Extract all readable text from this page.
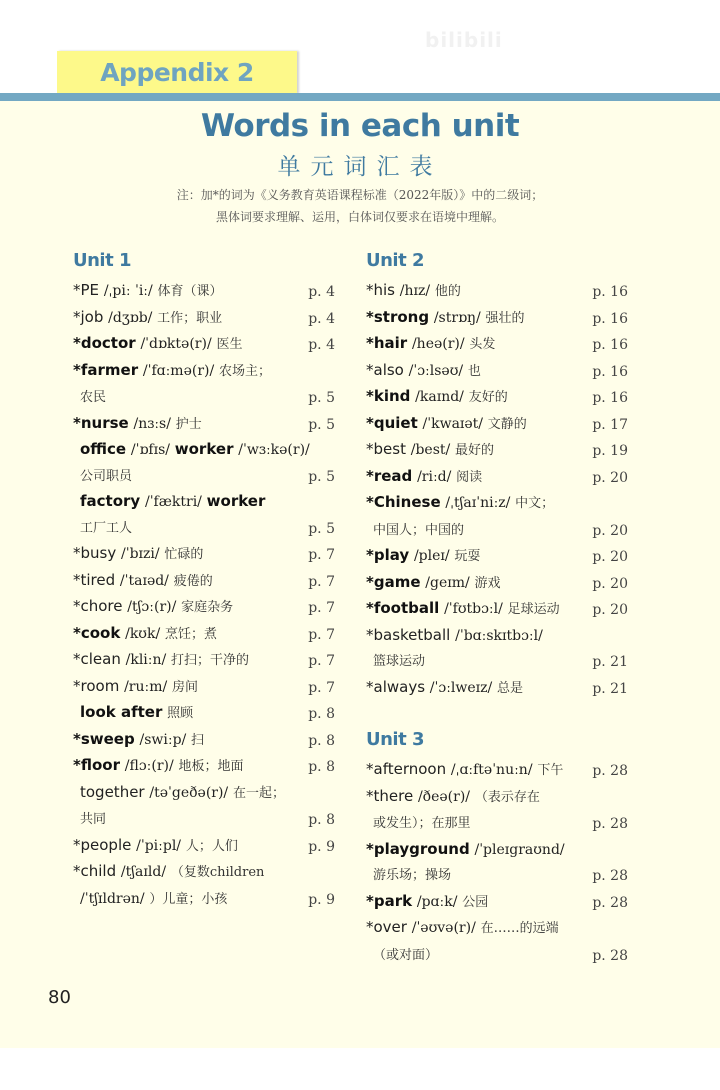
bilibili
Appendix 2
Words in each unit
单元词汇表
注：加*的词为《义务教育英语课程标准（2022年版）》中的二级词；
黑体词要求理解、运用，白体词仅要求在语境中理解。
Unit 1
*PE /ˌpiː ˈiː/ 体育（课）	p. 4
*job /dʒɒb/ 工作；职业	p. 4
*doctor /ˈdɒktə(r)/ 医生	p. 4
*farmer /ˈfɑːmə(r)/ 农场主；
农民	p. 5
*nurse /nɜːs/ 护士	p. 5
office /ˈɒfɪs/ worker /ˈwɜːkə(r)/
公司职员	p. 5
factory /ˈfæktri/ worker
工厂工人	p. 5
*busy /ˈbɪzi/ 忙碌的	p. 7
*tired /ˈtaɪəd/ 疲倦的	p. 7
*chore /tʃɔː(r)/ 家庭杂务	p. 7
*cook /kʊk/ 烹饪；煮	p. 7
*clean /kliːn/ 打扫；干净的	p. 7
*room /ruːm/ 房间	p. 7
look after 照顾	p. 8
*sweep /swiːp/ 扫	p. 8
*floor /flɔː(r)/ 地板；地面	p. 8
together /təˈgeðə(r)/ 在一起；
共同	p. 8
*people /ˈpiːpl/ 人；人们	p. 9
*child /tʃaɪld/ （复数children
/ˈtʃɪldrən/ ）儿童；小孩	p. 9
Unit 2
*his /hɪz/ 他的	p. 16
*strong /strɒŋ/ 强壮的	p. 16
*hair /heə(r)/ 头发	p. 16
*also /ˈɔːlsəʊ/ 也	p. 16
*kind /kaɪnd/ 友好的	p. 16
*quiet /ˈkwaɪət/ 文静的	p. 17
*best /best/ 最好的	p. 19
*read /riːd/ 阅读	p. 20
*Chinese /ˌtʃaɪˈniːz/ 中文；
中国人；中国的	p. 20
*play /pleɪ/ 玩耍	p. 20
*game /geɪm/ 游戏	p. 20
*football /ˈfʊtbɔːl/ 足球运动	p. 20
*basketball /ˈbɑːskɪtbɔːl/
篮球运动	p. 21
*always /ˈɔːlweɪz/ 总是	p. 21
Unit 3
*afternoon /ˌɑːftəˈnuːn/ 下午	p. 28
*there /ðeə(r)/ （表示存在
或发生）；在那里	p. 28
*playground /ˈpleɪgraʊnd/
游乐场；操场	p. 28
*park /pɑːk/ 公园	p. 28
*over /ˈəʊvə(r)/ 在……的远端
（或对面）	p. 28
80
